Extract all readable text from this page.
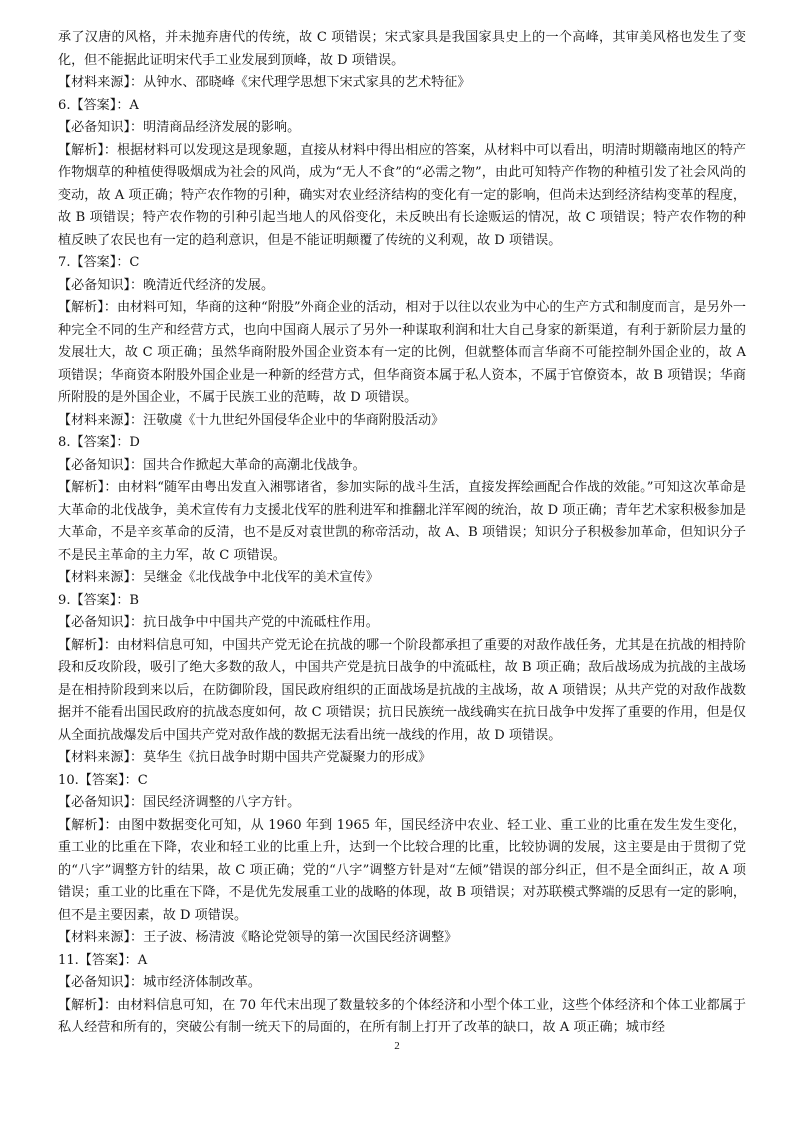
承了汉唐的风格，并未抛弃唐代的传统，故 C 项错误；宋式家具是我国家具史上的一个高峰，其审美风格也发生了变化，但不能据此证明宋代手工业发展到顶峰，故 D 项错误。

【材料来源】：从钟水、邵晓峰《宋代理学思想下宋式家具的艺术特征》

6.【答案】：A

【必备知识】：明清商品经济发展的影响。

【解析】：根据材料可以发现这是现象题，直接从材料中得出相应的答案，从材料中可以看出，明清时期赣南地区的特产作物烟草的种植使得吸烟成为社会的风尚，成为“无人不食”的“必需之物”，由此可知特产作物的种植引发了社会风尚的变动，故 A 项正确；特产农作物的引种，确实对农业经济结构的变化有一定的影响，但尚未达到经济结构变革的程度，故 B 项错误；特产农作物的引种引起当地人的风俗变化，未反映出有长途贩运的情况，故 C 项错误；特产农作物的种植反映了农民也有一定的趋利意识，但是不能证明颠覆了传统的义利观，故 D 项错误。

7.【答案】：C

【必备知识】：晚清近代经济的发展。

【解析】：由材料可知，华商的这种“附股”外商企业的活动，相对于以往以农业为中心的生产方式和制度而言，是另外一种完全不同的生产和经营方式，也向中国商人展示了另外一种谋取利润和壮大自己身家的新渠道，有利于新阶层力量的发展壮大，故 C 项正确；虽然华商附股外国企业资本有一定的比例，但就整体而言华商不可能控制外国企业的，故 A 项错误；华商资本附股外国企业是一种新的经营方式，但华商资本属于私人资本，不属于官僚资本，故 B 项错误；华商所附股的是外国企业，不属于民族工业的范畴，故 D 项错误。

【材料来源】：汪敬虞《十九世纪外国侵华企业中的华商附股活动》

8.【答案】：D

【必备知识】：国共合作掀起大革命的高潮北伐战争。

【解析】：由材料“随军由粤出发直入湘鄂诸省，参加实际的战斗生活，直接发挥绘画配合作战的效能。”可知这次革命是大革命的北伐战争，美术宣传有力支援北伐军的胜利进军和推翻北洋军阀的统治，故 D 项正确；青年艺术家积极参加是大革命，不是辛亥革命的反清，也不是反对袁世凯的称帝活动，故 A、B 项错误；知识分子积极参加革命，但知识分子不是民主革命的主力军，故 C 项错误。

【材料来源】：吴继金《北伐战争中北伐军的美术宣传》

9.【答案】：B

【必备知识】：抗日战争中中国共产党的中流砥柱作用。

【解析】：由材料信息可知，中国共产党无论在抗战的哪一个阶段都承担了重要的对敌作战任务，尤其是在抗战的相持阶段和反攻阶段，吸引了绝大多数的敌人，中国共产党是抗日战争的中流砥柱，故 B 项正确；敌后战场成为抗战的主战场是在相持阶段到来以后，在防御阶段，国民政府组织的正面战场是抗战的主战场，故 A 项错误；从共产党的对敌作战数据并不能看出国民政府的抗战态度如何，故 C 项错误；抗日民族统一战线确实在抗日战争中发挥了重要的作用，但是仅从全面抗战爆发后中国共产党对敌作战的数据无法看出统一战线的作用，故 D 项错误。

【材料来源】：莫华生《抗日战争时期中国共产党凝聚力的形成》

10.【答案】：C

【必备知识】：国民经济调整的八字方针。

【解析】：由图中数据变化可知，从 1960 年到 1965 年，国民经济中农业、轻工业、重工业的比重在发生发生变化，重工业的比重在下降，农业和轻工业的比重上升，达到一个比较合理的比重，比较协调的发展，这主要是由于贯彻了党的“八字”调整方针的结果，故 C 项正确；党的“八字”调整方针是对“左倾”错误的部分纠正，但不是全面纠正，故 A 项错误；重工业的比重在下降，不是优先发展重工业的战略的体现，故 B 项错误；对苏联模式弊端的反思有一定的影响，但不是主要因素，故 D 项错误。

【材料来源】：王子波、杨清波《略论党领导的第一次国民经济调整》

11.【答案】：A

【必备知识】：城市经济体制改革。

【解析】：由材料信息可知，在 70 年代末出现了数量较多的个体经济和小型个体工业，这些个体经济和个体工业都属于私人经营和所有的，突破公有制一统天下的局面的，在所有制上打开了改革的缺口，故 A 项正确；城市经

2
